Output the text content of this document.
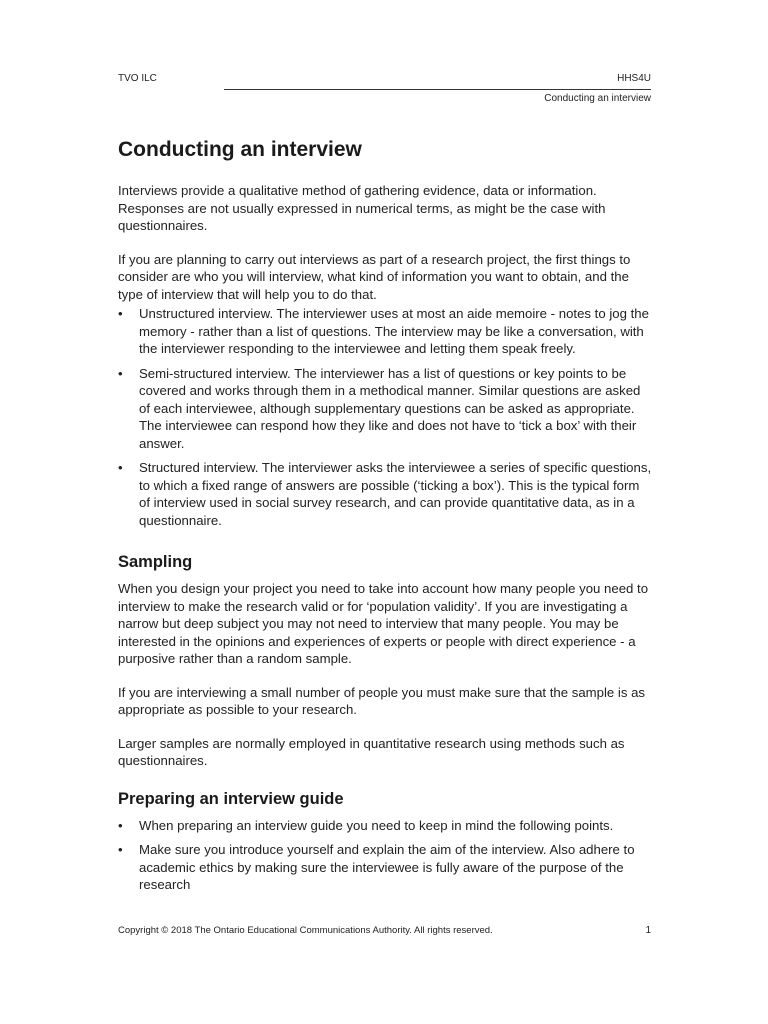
TVO ILC	HHS4U
Conducting an interview
Conducting an interview

Interviews provide a qualitative method of gathering evidence, data or information. Responses are not usually expressed in numerical terms, as might be the case with questionnaires.

If you are planning to carry out interviews as part of a research project, the first things to consider are who you will interview, what kind of information you want to obtain, and the type of interview that will help you to do that.

• Unstructured interview. The interviewer uses at most an aide memoire - notes to jog the memory - rather than a list of questions. The interview may be like a conversation, with the interviewer responding to the interviewee and letting them speak freely.
• Semi-structured interview. The interviewer has a list of questions or key points to be covered and works through them in a methodical manner. Similar questions are asked of each interviewee, although supplementary questions can be asked as appropriate. The interviewee can respond how they like and does not have to ‘tick a box’ with their answer.
• Structured interview. The interviewer asks the interviewee a series of specific questions, to which a fixed range of answers are possible (‘ticking a box’). This is the typical form of interview used in social survey research, and can provide quantitative data, as in a questionnaire.
Sampling

When you design your project you need to take into account how many people you need to interview to make the research valid or for ‘population validity’. If you are investigating a narrow but deep subject you may not need to interview that many people. You may be interested in the opinions and experiences of experts or people with direct experience - a purposive rather than a random sample.

If you are interviewing a small number of people you must make sure that the sample is as appropriate as possible to your research.

Larger samples are normally employed in quantitative research using methods such as questionnaires.

Preparing an interview guide
• When preparing an interview guide you need to keep in mind the following points.
• Make sure you introduce yourself and explain the aim of the interview. Also adhere to academic ethics by making sure the interviewee is fully aware of the purpose of the research
Copyright © 2018 The Ontario Educational Communications Authority. All rights reserved.	1
